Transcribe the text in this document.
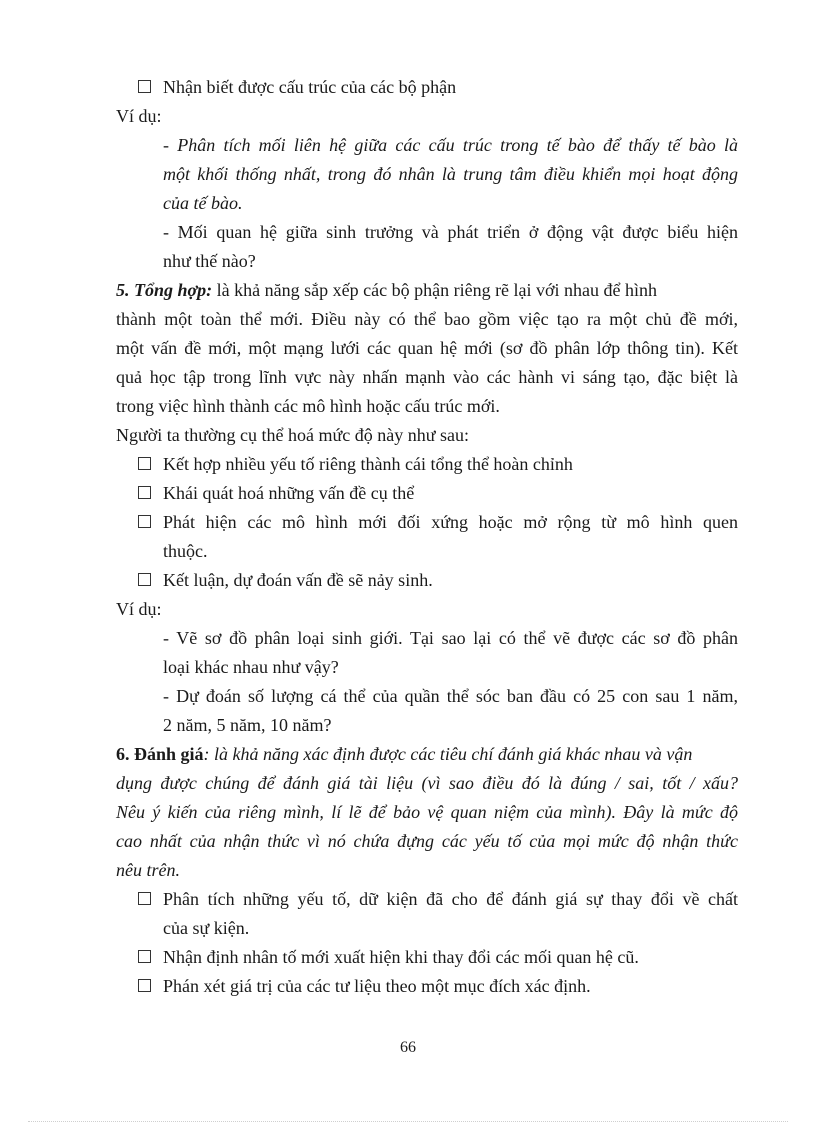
Nhận biết được cấu trúc của các bộ phận
Ví dụ:
- Phân tích mối liên hệ giữa các cấu trúc trong tế bào để thấy tế bào là
một khối thống nhất, trong đó nhân là trung tâm điều khiển mọi hoạt động
của tế bào.
- Mối quan hệ giữa sinh trưởng và phát triển ở động vật được biểu hiện
như thế nào?
5. Tổng hợp: là khả năng sắp xếp các bộ phận riêng rẽ lại với nhau để hình
thành một toàn thể mới. Điều này có thể bao gồm việc tạo ra một chủ đề mới,
một vấn đề mới, một mạng lưới các quan hệ mới (sơ đồ phân lớp thông tin). Kết
quả học tập trong lĩnh vực này nhấn mạnh vào các hành vi sáng tạo, đặc biệt là
trong việc hình thành các mô hình hoặc cấu trúc mới.
Người ta thường cụ thể hoá mức độ này như sau:
Kết hợp nhiều yếu tố riêng thành cái tổng thể hoàn chỉnh
Khái quát hoá những vấn đề cụ thể
Phát hiện các mô hình mới đối xứng hoặc mở rộng từ mô hình quen
thuộc.
Kết luận, dự đoán vấn đề sẽ nảy sinh.
Ví dụ:
- Vẽ sơ đồ phân loại sinh giới. Tại sao lại có thể vẽ được các sơ đồ phân
loại khác nhau như vậy?
- Dự đoán số lượng cá thể của quần thể sóc ban đầu có 25 con sau 1 năm,
2 năm, 5 năm, 10 năm?
6. Đánh giá: là khả năng xác định được các tiêu chí đánh giá khác nhau và vận
dụng được chúng để đánh giá tài liệu (vì sao điều đó là đúng / sai, tốt / xấu?
Nêu ý kiến của riêng mình, lí lẽ để bảo vệ quan niệm của mình). Đây là mức độ
cao nhất của nhận thức vì nó chứa đựng các yếu tố của mọi mức độ nhận thức
nêu trên.
Phân tích những yếu tố, dữ kiện đã cho để đánh giá sự thay đổi về chất
của sự kiện.
Nhận định nhân tố mới xuất hiện khi thay đổi các mối quan hệ cũ.
Phán xét giá trị của các tư liệu theo một mục đích xác định.
66
